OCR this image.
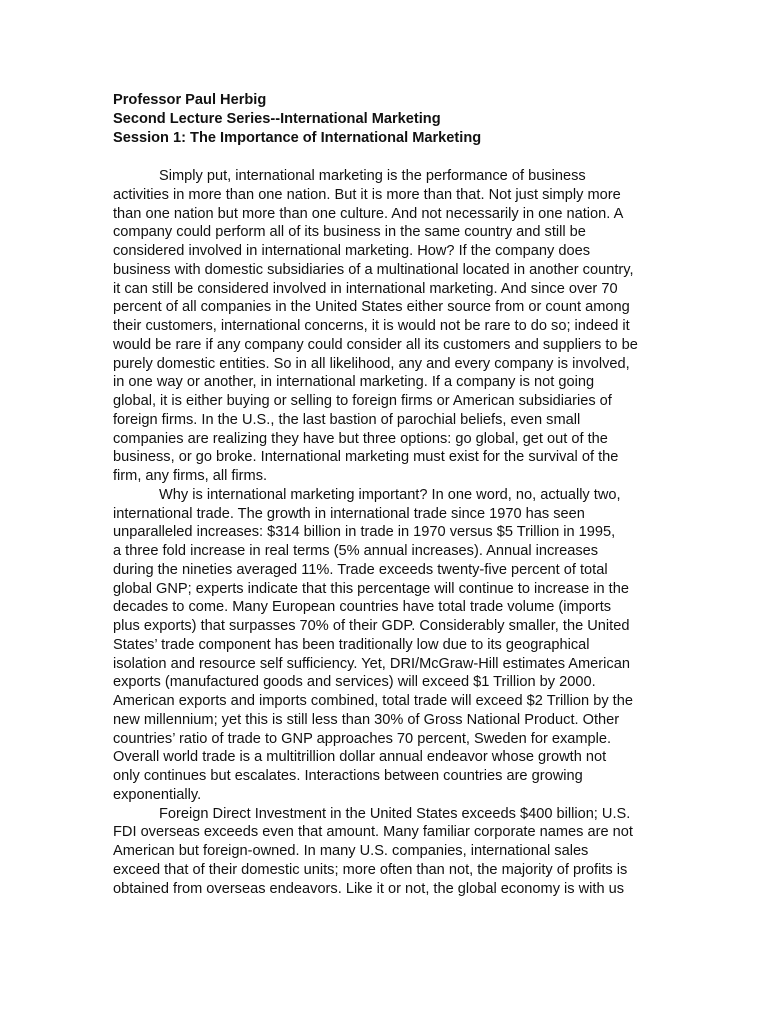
Professor Paul Herbig
Second Lecture Series--International Marketing
Session 1: The Importance of International Marketing
Simply put, international marketing is the performance of business
activities in more than one nation. But it is more than that. Not just simply more
than one nation but more than one culture. And not necessarily in one nation. A
company could perform all of its business in the same country and still be
considered involved in international marketing. How? If the company does
business with domestic subsidiaries of a multinational located in another country,
it can still be considered involved in international marketing. And since over 70
percent of all companies in the United States either source from or count among
their customers, international concerns, it is would not be rare to do so; indeed it
would be rare if any company could consider all its customers and suppliers to be
purely domestic entities. So in all likelihood, any and every company is involved,
in one way or another, in international marketing. If a company is not going
global, it is either buying or selling to foreign firms or American subsidiaries of
foreign firms. In the U.S., the last bastion of parochial beliefs, even small
companies are realizing they have but three options: go global, get out of the
business, or go broke. International marketing must exist for the survival of the
firm, any firms, all firms.
Why is international marketing important? In one word, no, actually two,
international trade. The growth in international trade since 1970 has seen
unparalleled increases: $314 billion in trade in 1970 versus $5 Trillion in 1995,
a three fold increase in real terms (5% annual increases). Annual increases
during the nineties averaged 11%. Trade exceeds twenty-five percent of total
global GNP; experts indicate that this percentage will continue to increase in the
decades to come. Many European countries have total trade volume (imports
plus exports) that surpasses 70% of their GDP. Considerably smaller, the United
States’ trade component has been traditionally low due to its geographical
isolation and resource self sufficiency. Yet, DRI/McGraw-Hill estimates American
exports (manufactured goods and services) will exceed $1 Trillion by 2000.
American exports and imports combined, total trade will exceed $2 Trillion by the
new millennium; yet this is still less than 30% of Gross National Product. Other
countries’ ratio of trade to GNP approaches 70 percent, Sweden for example.
Overall world trade is a multitrillion dollar annual endeavor whose growth not
only continues but escalates. Interactions between countries are growing
exponentially.
Foreign Direct Investment in the United States exceeds $400 billion; U.S.
FDI overseas exceeds even that amount. Many familiar corporate names are not
American but foreign-owned. In many U.S. companies, international sales
exceed that of their domestic units; more often than not, the majority of profits is
obtained from overseas endeavors. Like it or not, the global economy is with us
